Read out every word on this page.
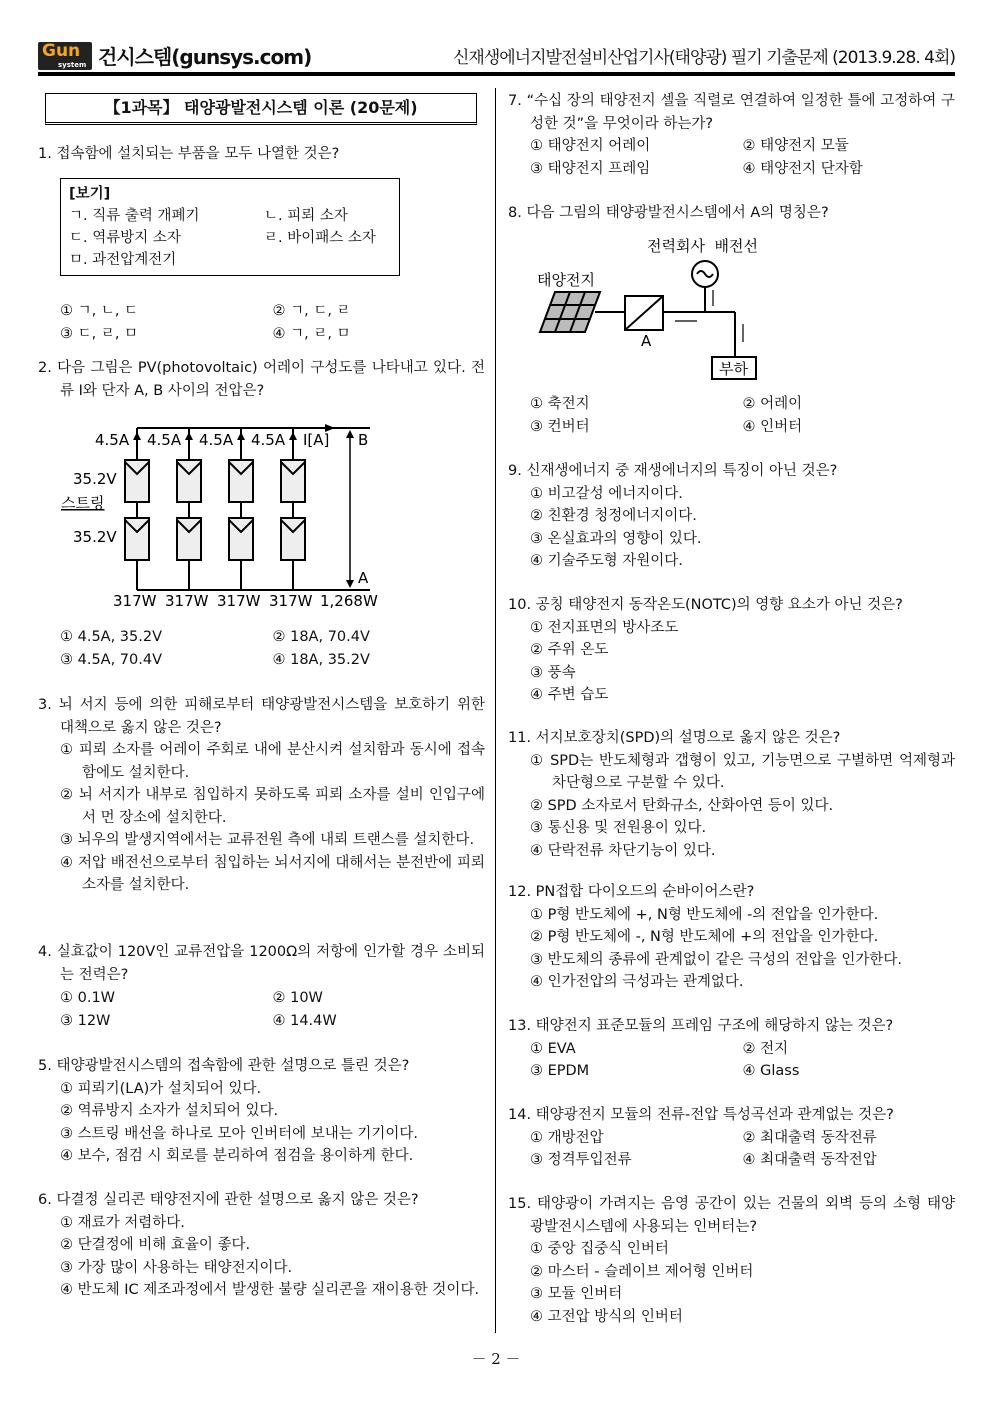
Gun
system 건시스템(gunsys.com)	신재생에너지발전설비산업기사(태양광) 필기 기출문제 (2013.9.28. 4회)
【1과목】 태양광발전시스템 이론 (20문제)
[보기]
ㄱ. 직류 출력 개폐기	ㄴ. 피뢰 소자
ㄷ. 역류방지 소자	ㄹ. 바이패스 소자
ㅁ. 과전압계전기
4.5A 4.5A 4.5A 4.5A I[A] B
A
35.2V
스트링
35.2V
317W 317W 317W 317W 1,268W
전력회사  배전선
태양전지
A
부하
1. 접속함에 설치되는 부품을 모두 나열한 것은?
① ㄱ, ㄴ, ㄷ	② ㄱ, ㄷ, ㄹ
③ ㄷ, ㄹ, ㅁ	④ ㄱ, ㄹ, ㅁ
2. 다음 그림은 PV(photovoltaic) 어레이 구성도를 나타내고 있다. 전류 I와 단자 A, B 사이의 전압은?
① 4.5A, 35.2V	② 18A, 70.4V
③ 4.5A, 70.4V	④ 18A, 35.2V
3. 뇌 서지 등에 의한 피해로부터 태양광발전시스템을 보호하기 위한 대책으로 옳지 않은 것은?
① 피뢰 소자를 어레이 주회로 내에 분산시켜 설치함과 동시에 접속함에도 설치한다.
② 뇌 서지가 내부로 침입하지 못하도록 피뢰 소자를 설비 인입구에서 먼 장소에 설치한다.
③ 뇌우의 발생지역에서는 교류전원 측에 내뢰 트랜스를 설치한다.
④ 저압 배전선으로부터 침입하는 뇌서지에 대해서는 분전반에 피뢰 소자를 설치한다.
4. 실효값이 120V인 교류전압을 1200Ω의 저항에 인가할 경우 소비되는 전력은?
① 0.1W	② 10W
③ 12W	④ 14.4W
5. 태양광발전시스템의 접속함에 관한 설명으로 틀린 것은?
① 피뢰기(LA)가 설치되어 있다.
② 역류방지 소자가 설치되어 있다.
③ 스트링 배선을 하나로 모아 인버터에 보내는 기기이다.
④ 보수, 점검 시 회로를 분리하여 점검을 용이하게 한다.
6. 다결정 실리콘 태양전지에 관한 설명으로 옳지 않은 것은?
① 재료가 저렴하다.
② 단결정에 비해 효율이 좋다.
③ 가장 많이 사용하는 태양전지이다.
④ 반도체 IC 제조과정에서 발생한 불량 실리콘을 재이용한 것이다.
7. “수십 장의 태양전지 셀을 직렬로 연결하여 일정한 틀에 고정하여 구성한 것”을 무엇이라 하는가?
① 태양전지 어레이	② 태양전지 모듈
③ 태양전지 프레임	④ 태양전지 단자함
8. 다음 그림의 태양광발전시스템에서 A의 명칭은?
① 축전지	② 어레이
③ 컨버터	④ 인버터
9. 신재생에너지 중 재생에너지의 특징이 아닌 것은?
① 비고갈성 에너지이다.
② 친환경 청정에너지이다.
③ 온실효과의 영향이 있다.
④ 기술주도형 자원이다.
10. 공칭 태양전지 동작온도(NOTC)의 영향 요소가 아닌 것은?
① 전지표면의 방사조도
② 주위 온도
③ 풍속
④ 주변 습도
11. 서지보호장치(SPD)의 설명으로 옳지 않은 것은?
① SPD는 반도체형과 갭형이 있고, 기능면으로 구별하면 억제형과 차단형으로 구분할 수 있다.
② SPD 소자로서 탄화규소, 산화아연 등이 있다.
③ 통신용 및 전원용이 있다.
④ 단락전류 차단기능이 있다.
12. PN접합 다이오드의 순바이어스란?
① P형 반도체에 +, N형 반도체에 -의 전압을 인가한다.
② P형 반도체에 -, N형 반도체에 +의 전압을 인가한다.
③ 반도체의 종류에 관계없이 같은 극성의 전압을 인가한다.
④ 인가전압의 극성과는 관계없다.
13. 태양전지 표준모듈의 프레임 구조에 해당하지 않는 것은?
① EVA	② 전지
③ EPDM	④ Glass
14. 태양광전지 모듈의 전류-전압 특성곡선과 관계없는 것은?
① 개방전압	② 최대출력 동작전류
③ 정격투입전류	④ 최대출력 동작전압
15. 태양광이 가려지는 음영 공간이 있는 건물의 외벽 등의 소형 태양광발전시스템에 사용되는 인버터는?
① 중앙 집중식 인버터
② 마스터 - 슬레이브 제어형 인버터
③ 모듈 인버터
④ 고전압 방식의 인버터
－ 2 －
